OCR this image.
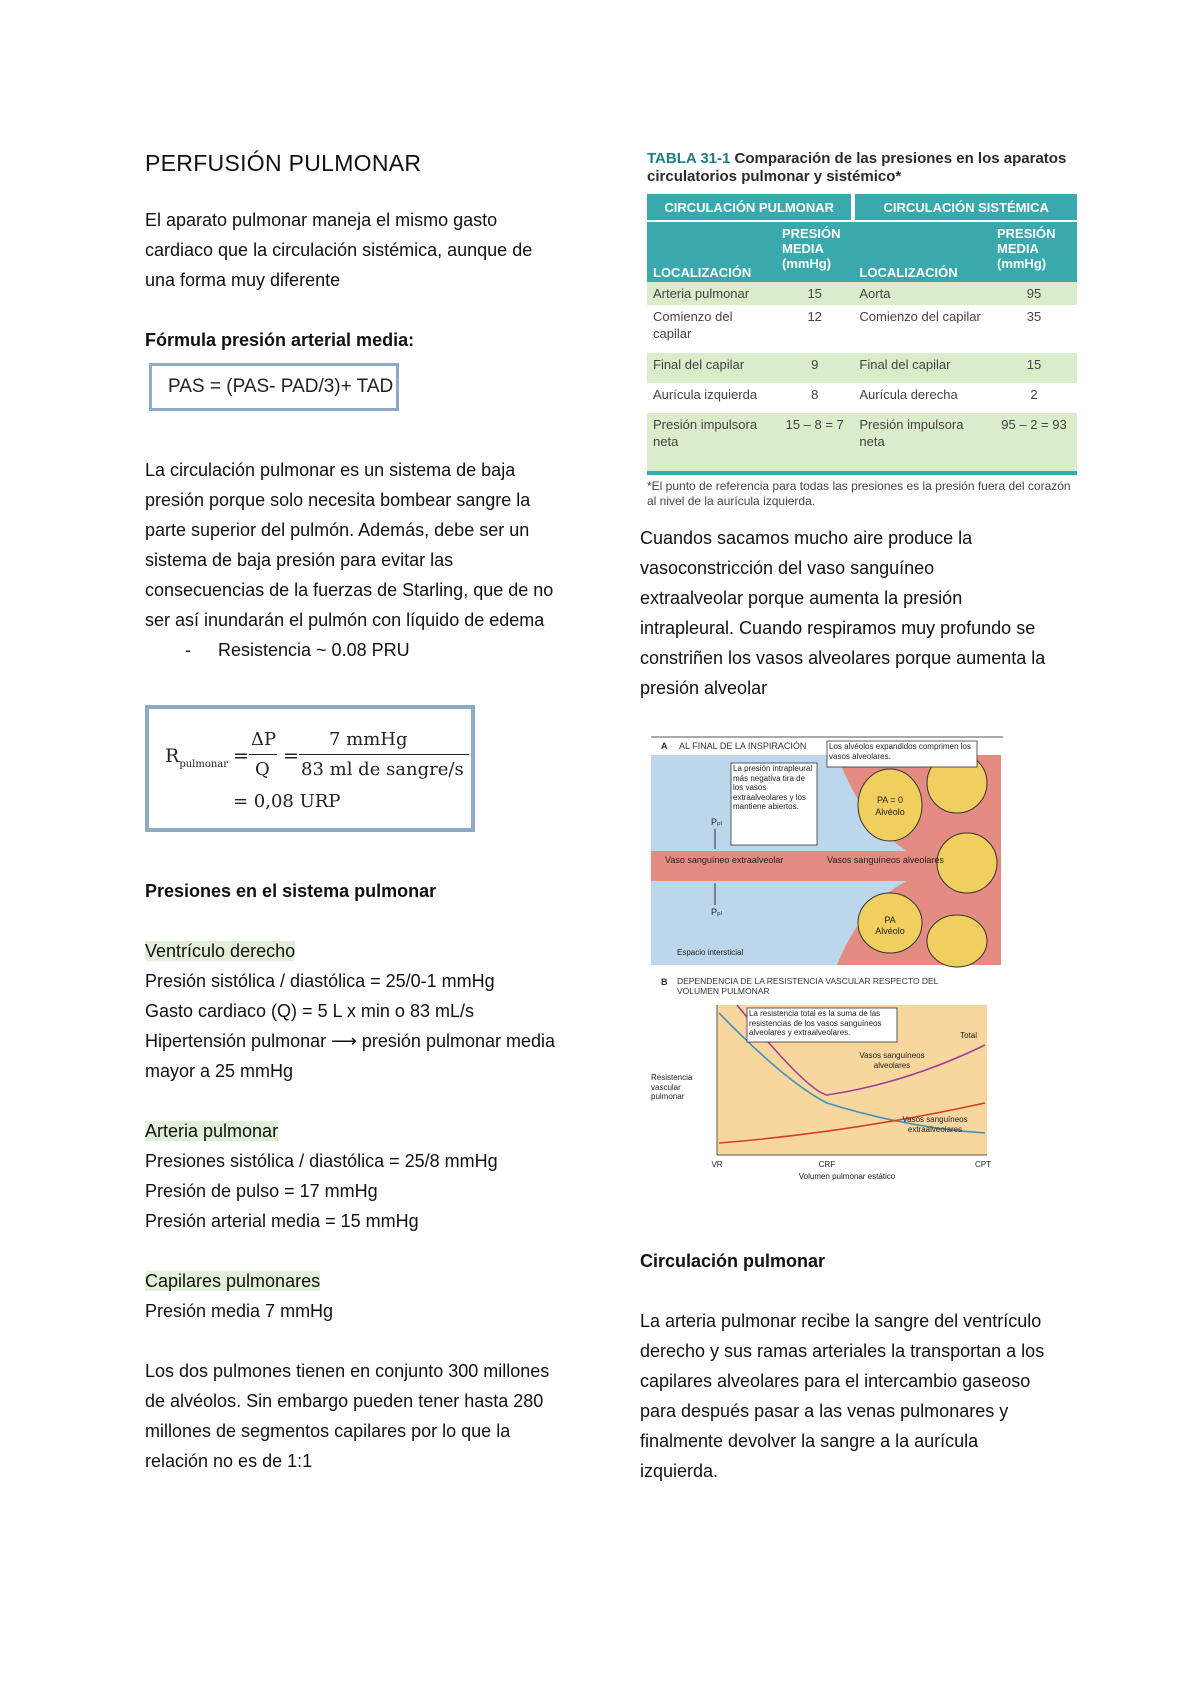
PERFUSIÓN PULMONAR

El aparato pulmonar maneja el mismo gasto

cardiaco que la circulación sistémica, aunque de

una forma muy diferente

Fórmula presión arterial media:
PAS = (PAS- PAD/3)+ TAD

La circulación pulmonar es un sistema de baja

presión porque solo necesita bombear sangre la

parte superior del pulmón. Además, debe ser un

sistema de baja presión para evitar las

consecuencias de la fuerzas de Starling, que de no

ser así inundarán el pulmón con líquido de edema

- Resistencia ~ 0.08 PRU

$R_{pulmonar}$ =
ΔP
Q
=
7 mmHg
83 ml de sangre/s
= 0,08 URP
Presiones en el sistema pulmonar

Ventrículo derecho

Presión sistólica / diastólica = 25/0-1 mmHg

Gasto cardiaco (Q) = 5 L x min o 83 mL/s

Hipertensión pulmonar ⟶ presión pulmonar media

mayor a 25 mmHg

Arteria pulmonar

Presiones sistólica / diastólica = 25/8 mmHg

Presión de pulso = 17 mmHg

Presión arterial media = 15 mmHg

Capilares pulmonares

Presión media 7 mmHg

Los dos pulmones tienen en conjunto 300 millones

de alvéolos. Sin embargo pueden tener hasta 280

millones de segmentos capilares por lo que la

relación no es de 1:1

TABLA 31-1 Comparación de las presiones en los aparatos
circulatorios pulmonar y sistémico*
CIRCULACIÓN PULMONAR		CIRCULACIÓN SISTÉMICA	
LOCALIZACIÓN	PRESIÓN MEDIA (mmHg)	LOCALIZACIÓN	PRESIÓN MEDIA (mmHg)
Arteria pulmonar	15	Aorta	95
Comienzo del capilar	12	Comienzo del capilar	35
Final del capilar	9	Final del capilar	15
Aurícula izquierda	8	Aurícula derecha	2
Presión impulsora neta	15 – 8 = 7	Presión impulsora neta	95 – 2 = 93
*El punto de referencia para todas las presiones es la presión fuera del corazón al nivel de la aurícula izquierda.

Cuandos sacamos mucho aire produce la

vasoconstricción del vaso sanguíneo

extraalveolar porque aumenta la presión

intrapleural. Cuando respiramos muy profundo se

constriñen los vasos alveolares porque aumenta la

presión alveolar

A AL FINAL DE LA INSPIRACIÓN
PA = 0
Alvéolo
PA
Alvéolo
Los alvéolos expandidos comprimen los vasos alveolares.
La presión intrapleural más negativa tira de los vasos extraalveolares y los mantiene abiertos.
Pₚₗ
Pₚₗ
Vaso sanguíneo extraalveolar	Vasos sanguíneos alveolares
Espacio intersticial
B DEPENDENCIA DE LA RESISTENCIA VASCULAR RESPECTO DEL VOLUMEN PULMONAR
La resistencia total es la suma de las resistencias de los vasos sanguíneos alveolares y extraalveolares.	Total
Vasos sanguíneos alveolares
Vasos sanguíneos extraalveolares
Resistencia vascular pulmonar
VR	CRF	CPT
Volumen pulmonar estático
Circulación pulmonar

La arteria pulmonar recibe la sangre del ventrículo

derecho y sus ramas arteriales la transportan a los

capilares alveolares para el intercambio gaseoso

para después pasar a las venas pulmonares y

finalmente devolver la sangre a la aurícula

izquierda.
